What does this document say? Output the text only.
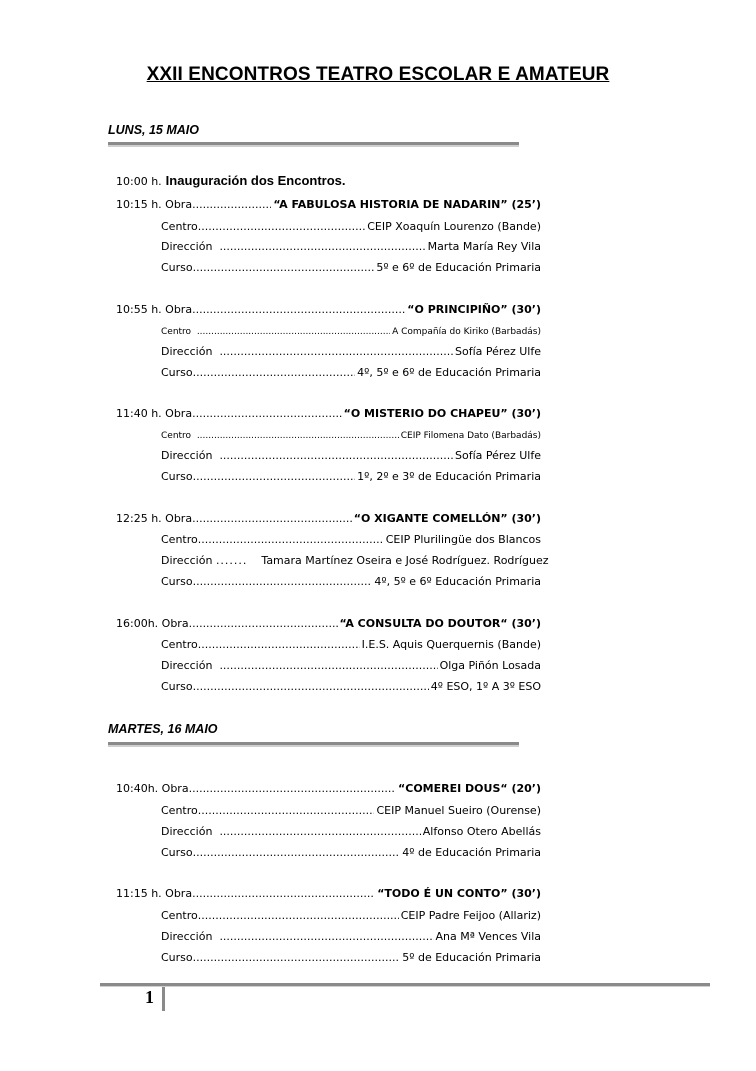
XXII ENCONTROS TEATRO ESCOLAR E AMATEUR
LUNS, 15 MAIO
10:00 h. Inauguración dos Encontros.
10:15 h. Obra .....	“A FABULOSA HISTORIA DE NADARIN” (25’)
Centro .....	CEIP Xoaquín Lourenzo (Bande)
Dirección
.....	Marta María Rey Vila
Curso .....	5º e 6º de Educación Primaria
10:55 h. Obra .....	“O PRINCIPIÑO” (30’)
Centro
.....	A Compañía do Kiriko (Barbadás)
Dirección
.....	Sofía Pérez Ulfe
Curso .....	4º, 5º e 6º de Educación Primaria
11:40 h. Obra .....	“O MISTERIO DO CHAPEU” (30’)
Centro
.....	CEIP Filomena Dato (Barbadás)
Dirección
.....	Sofía Pérez Ulfe
Curso .....	1º, 2º e 3º de Educación Primaria
12:25 h. Obra .....	“O XIGANTE COMELLÓN” (30’)
Centro .....	CEIP Plurilingüe dos Blancos
Dirección
.......
Tamara Martínez Oseira e José Rodríguez. Rodríguez
Curso .....	4º, 5º e 6º Educación Primaria
16:00h. Obra .....	“A CONSULTA DO DOUTOR“ (30’)
Centro .....	I.E.S. Aquis Querquernis (Bande)
Dirección
.....	Olga Piñón Losada
Curso .....	4º ESO, 1º A 3º ESO
MARTES, 16 MAIO
10:40h. Obra .....	“COMEREI DOUS“ (20’)
Centro .....	CEIP Manuel Sueiro (Ourense)
Dirección
.....	Alfonso Otero Abellás
Curso .....	4º de Educación Primaria
11:15 h. Obra .....	“TODO É UN CONTO” (30’)
Centro .....	CEIP Padre Feijoo (Allariz)
Dirección
.....	Ana Mª Vences Vila
Curso .....	5º de Educación Primaria
1
